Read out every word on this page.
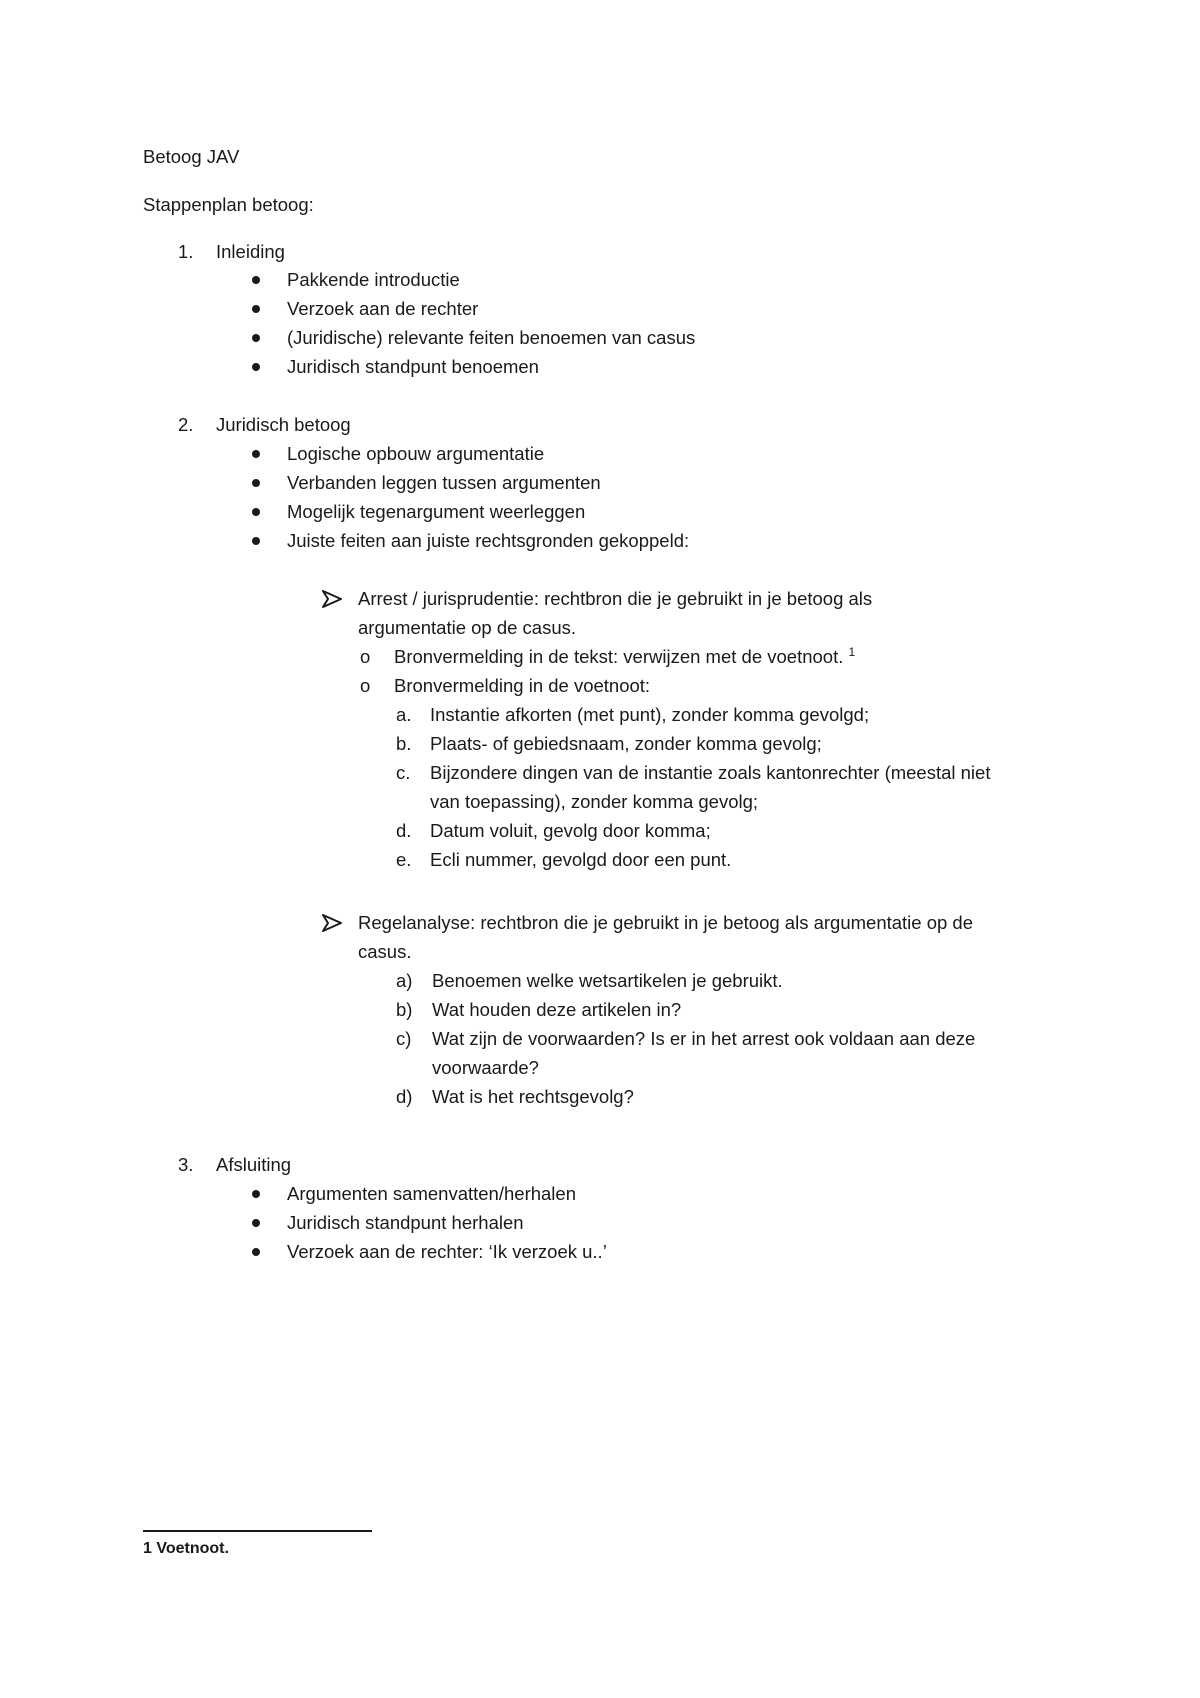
Betoog JAV
Stappenplan betoog:
1. Inleiding
Pakkende introductie
Verzoek aan de rechter
(Juridische) relevante feiten benoemen van casus
Juridisch standpunt benoemen
2. Juridisch betoog
Logische opbouw argumentatie
Verbanden leggen tussen argumenten
Mogelijk tegenargument weerleggen
Juiste feiten aan juiste rechtsgronden gekoppeld:
Arrest / jurisprudentie: rechtbron die je gebruikt in je betoog als
argumentatie op de casus.
o Bronvermelding in de tekst: verwijzen met de voetnoot. $^1$
o Bronvermelding in de voetnoot:
a. Instantie afkorten (met punt), zonder komma gevolgd;
b. Plaats- of gebiedsnaam, zonder komma gevolg;
c. Bijzondere dingen van de instantie zoals kantonrechter (meestal niet
van toepassing), zonder komma gevolg;
d. Datum voluit, gevolg door komma;
e. Ecli nummer, gevolgd door een punt.
Regelanalyse: rechtbron die je gebruikt in je betoog als argumentatie op de
casus.
a) Benoemen welke wetsartikelen je gebruikt.
b) Wat houden deze artikelen in?
c) Wat zijn de voorwaarden? Is er in het arrest ook voldaan aan deze
voorwaarde?
d) Wat is het rechtsgevolg?
3. Afsluiting
Argumenten samenvatten/herhalen
Juridisch standpunt herhalen
Verzoek aan de rechter: ‘Ik verzoek u..’
1 Voetnoot.
